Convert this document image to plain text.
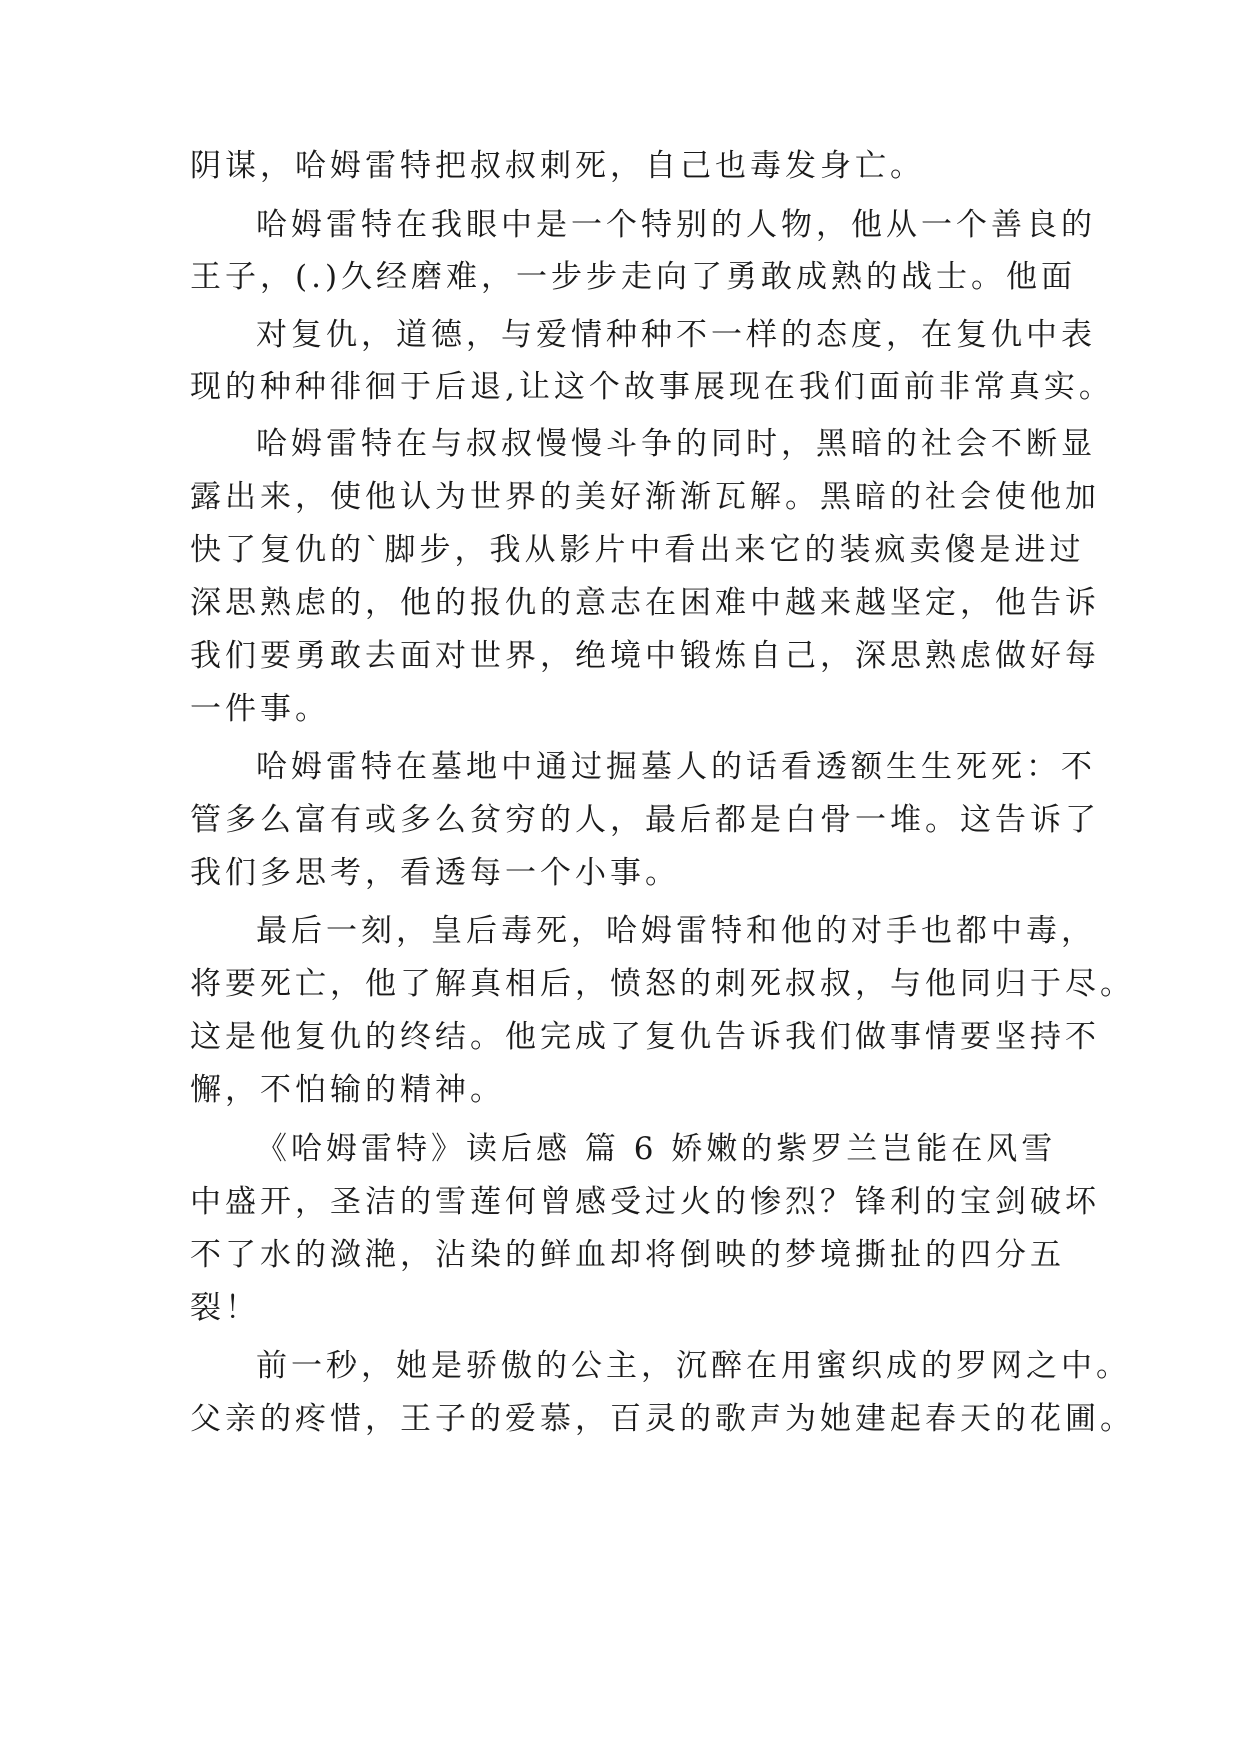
阴谋，哈姆雷特把叔叔刺死，自己也毒发身亡。
哈姆雷特在我眼中是一个特别的人物，他从一个善良的
王子，(.)久经磨难，一步步走向了勇敢成熟的战士。他面
对复仇，道德，与爱情种种不一样的态度，在复仇中表
现的种种徘徊于后退,让这个故事展现在我们面前非常真实。
哈姆雷特在与叔叔慢慢斗争的同时，黑暗的社会不断显
露出来，使他认为世界的美好渐渐瓦解。黑暗的社会使他加
快了复仇的`脚步，我从影片中看出来它的装疯卖傻是进过
深思熟虑的，他的报仇的意志在困难中越来越坚定，他告诉
我们要勇敢去面对世界，绝境中锻炼自己，深思熟虑做好每
一件事。
哈姆雷特在墓地中通过掘墓人的话看透额生生死死：不
管多么富有或多么贫穷的人，最后都是白骨一堆。这告诉了
我们多思考，看透每一个小事。
最后一刻，皇后毒死，哈姆雷特和他的对手也都中毒，
将要死亡，他了解真相后，愤怒的刺死叔叔，与他同归于尽。
这是他复仇的终结。他完成了复仇告诉我们做事情要坚持不
懈，不怕输的精神。
《哈姆雷特》读后感 篇 6 娇嫩的紫罗兰岂能在风雪
中盛开，圣洁的雪莲何曾感受过火的惨烈？锋利的宝剑破坏
不了水的潋滟，沾染的鲜血却将倒映的梦境撕扯的四分五
裂！
前一秒，她是骄傲的公主，沉醉在用蜜织成的罗网之中。
父亲的疼惜，王子的爱慕，百灵的歌声为她建起春天的花圃。
